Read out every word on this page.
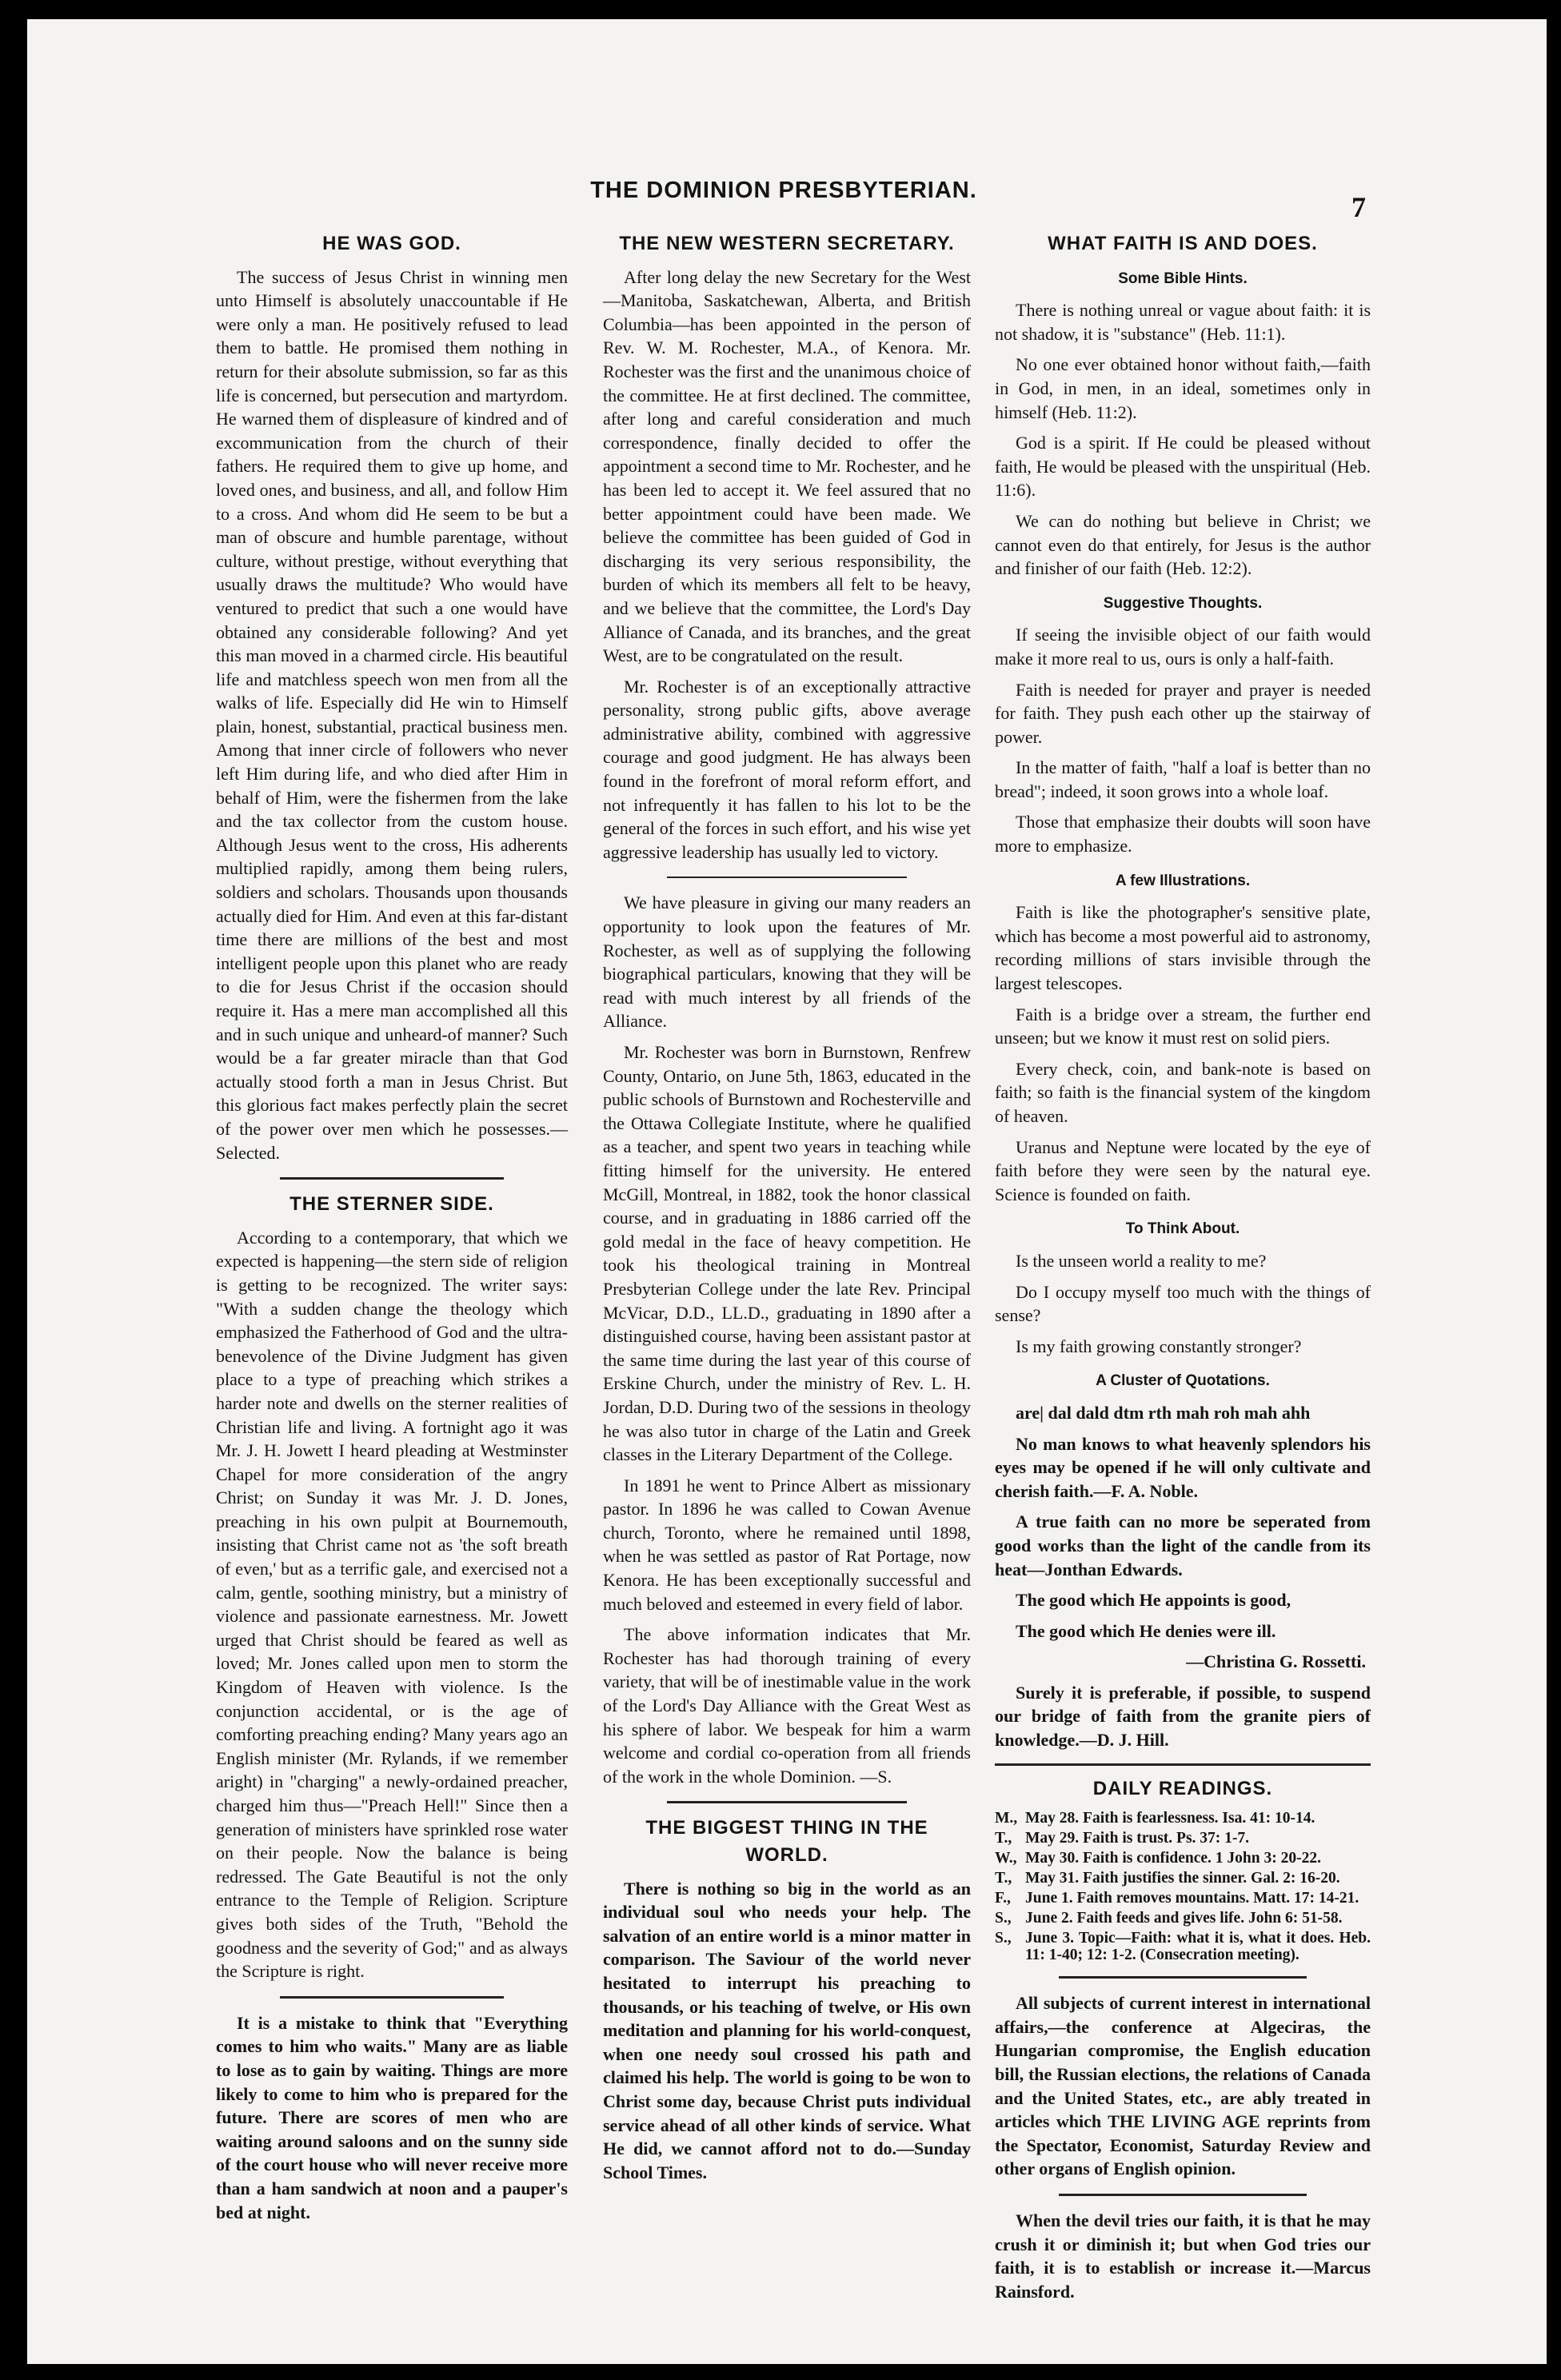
THE DOMINION PRESBYTERIAN.
7
HE WAS GOD.

The success of Jesus Christ in winning men unto Himself is absolutely unaccountable if He were only a man. He positively refused to lead them to battle. He promised them nothing in return for their absolute submission, so far as this life is concerned, but persecution and martyrdom. He warned them of displeasure of kindred and of excommunication from the church of their fathers. He required them to give up home, and loved ones, and business, and all, and follow Him to a cross. And whom did He seem to be but a man of obscure and humble parentage, without culture, without prestige, without everything that usually draws the multitude? Who would have ventured to predict that such a one would have obtained any considerable following? And yet this man moved in a charmed circle. His beautiful life and matchless speech won men from all the walks of life. Especially did He win to Himself plain, honest, substantial, practical business men. Among that inner circle of followers who never left Him during life, and who died after Him in behalf of Him, were the fishermen from the lake and the tax collector from the custom house. Although Jesus went to the cross, His adherents multiplied rapidly, among them being rulers, soldiers and scholars. Thousands upon thousands actually died for Him. And even at this far-distant time there are millions of the best and most intelligent people upon this planet who are ready to die for Jesus Christ if the occasion should require it. Has a mere man accomplished all this and in such unique and unheard-of manner? Such would be a far greater miracle than that God actually stood forth a man in Jesus Christ. But this glorious fact makes perfectly plain the secret of the power over men which he possesses.—Selected.

THE STERNER SIDE.

According to a contemporary, that which we expected is happening—the stern side of religion is getting to be recognized. The writer says: "With a sudden change the theology which emphasized the Fatherhood of God and the ultra-benevolence of the Divine Judgment has given place to a type of preaching which strikes a harder note and dwells on the sterner realities of Christian life and living. A fortnight ago it was Mr. J. H. Jowett I heard pleading at Westminster Chapel for more consideration of the angry Christ; on Sunday it was Mr. J. D. Jones, preaching in his own pulpit at Bournemouth, insisting that Christ came not as 'the soft breath of even,' but as a terrific gale, and exercised not a calm, gentle, soothing ministry, but a ministry of violence and passionate earnestness. Mr. Jowett urged that Christ should be feared as well as loved; Mr. Jones called upon men to storm the Kingdom of Heaven with violence. Is the conjunction accidental, or is the age of comforting preaching ending? Many years ago an English minister (Mr. Rylands, if we remember aright) in "charging" a newly-ordained preacher, charged him thus—"Preach Hell!" Since then a generation of ministers have sprinkled rose water on their people. Now the balance is being redressed. The Gate Beautiful is not the only entrance to the Temple of Religion. Scripture gives both sides of the Truth, "Behold the goodness and the severity of God;" and as always the Scripture is right.

It is a mistake to think that "Everything comes to him who waits." Many are as liable to lose as to gain by waiting. Things are more likely to come to him who is prepared for the future. There are scores of men who are waiting around saloons and on the sunny side of the court house who will never receive more than a ham sandwich at noon and a pauper's bed at night.

THE NEW WESTERN SECRETARY.

After long delay the new Secretary for the West—Manitoba, Saskatchewan, Alberta, and British Columbia—has been appointed in the person of Rev. W. M. Rochester, M.A., of Kenora. Mr. Rochester was the first and the unanimous choice of the committee. He at first declined. The committee, after long and careful consideration and much correspondence, finally decided to offer the appointment a second time to Mr. Rochester, and he has been led to accept it. We feel assured that no better appointment could have been made. We believe the committee has been guided of God in discharging its very serious responsibility, the burden of which its members all felt to be heavy, and we believe that the committee, the Lord's Day Alliance of Canada, and its branches, and the great West, are to be congratulated on the result.

Mr. Rochester is of an exceptionally attractive personality, strong public gifts, above average administrative ability, combined with aggressive courage and good judgment. He has always been found in the forefront of moral reform effort, and not infrequently it has fallen to his lot to be the general of the forces in such effort, and his wise yet aggressive leadership has usually led to victory.

We have pleasure in giving our many readers an opportunity to look upon the features of Mr. Rochester, as well as of supplying the following biographical particulars, knowing that they will be read with much interest by all friends of the Alliance.

Mr. Rochester was born in Burnstown, Renfrew County, Ontario, on June 5th, 1863, educated in the public schools of Burnstown and Rochesterville and the Ottawa Collegiate Institute, where he qualified as a teacher, and spent two years in teaching while fitting himself for the university. He entered McGill, Montreal, in 1882, took the honor classical course, and in graduating in 1886 carried off the gold medal in the face of heavy competition. He took his theological training in Montreal Presbyterian College under the late Rev. Principal McVicar, D.D., LL.D., graduating in 1890 after a distinguished course, having been assistant pastor at the same time during the last year of this course of Erskine Church, under the ministry of Rev. L. H. Jordan, D.D. During two of the sessions in theology he was also tutor in charge of the Latin and Greek classes in the Literary Department of the College.

In 1891 he went to Prince Albert as missionary pastor. In 1896 he was called to Cowan Avenue church, Toronto, where he remained until 1898, when he was settled as pastor of Rat Portage, now Kenora. He has been exceptionally successful and much beloved and esteemed in every field of labor.

The above information indicates that Mr. Rochester has had thorough training of every variety, that will be of inestimable value in the work of the Lord's Day Alliance with the Great West as his sphere of labor. We bespeak for him a warm welcome and cordial co-operation from all friends of the work in the whole Dominion. —S.

THE BIGGEST THING IN THE
WORLD.

There is nothing so big in the world as an individual soul who needs your help. The salvation of an entire world is a minor matter in comparison. The Saviour of the world never hesitated to interrupt his preaching to thousands, or his teaching of twelve, or His own meditation and planning for his world-conquest, when one needy soul crossed his path and claimed his help. The world is going to be won to Christ some day, because Christ puts individual service ahead of all other kinds of service. What He did, we cannot afford not to do.—Sunday School Times.

WHAT FAITH IS AND DOES.
Some Bible Hints.

There is nothing unreal or vague about faith: it is not shadow, it is "substance" (Heb. 11:1).

No one ever obtained honor without faith,—faith in God, in men, in an ideal, sometimes only in himself (Heb. 11:2).

God is a spirit. If He could be pleased without faith, He would be pleased with the unspiritual (Heb. 11:6).

We can do nothing but believe in Christ; we cannot even do that entirely, for Jesus is the author and finisher of our faith (Heb. 12:2).

Suggestive Thoughts.

If seeing the invisible object of our faith would make it more real to us, ours is only a half-faith.

Faith is needed for prayer and prayer is needed for faith. They push each other up the stairway of power.

In the matter of faith, "half a loaf is better than no bread"; indeed, it soon grows into a whole loaf.

Those that emphasize their doubts will soon have more to emphasize.

A few Illustrations.

Faith is like the photographer's sensitive plate, which has become a most powerful aid to astronomy, recording millions of stars invisible through the largest telescopes.

Faith is a bridge over a stream, the further end unseen; but we know it must rest on solid piers.

Every check, coin, and bank-note is based on faith; so faith is the financial system of the kingdom of heaven.

Uranus and Neptune were located by the eye of faith before they were seen by the natural eye. Science is founded on faith.

To Think About.

Is the unseen world a reality to me?

Do I occupy myself too much with the things of sense?

Is my faith growing constantly stronger?

A Cluster of Quotations.

are| dal dald dtm rth mah roh mah ahh

No man knows to what heavenly splendors his eyes may be opened if he will only cultivate and cherish faith.—F. A. Noble.

A true faith can no more be seperated from good works than the light of the candle from its heat—Jonthan Edwards.

The good which He appoints is good,

The good which He denies were ill.

—Christina G. Rossetti.

Surely it is preferable, if possible, to suspend our bridge of faith from the granite piers of knowledge.—D. J. Hill.

DAILY READINGS.
M., May 28. Faith is fearlessness. Isa. 41: 10-14.
T., May 29. Faith is trust. Ps. 37: 1-7.
W., May 30. Faith is confidence. 1 John 3: 20-22.
T., May 31. Faith justifies the sinner. Gal. 2: 16-20.
F., June 1. Faith removes mountains. Matt. 17: 14-21.
S., June 2. Faith feeds and gives life. John 6: 51-58.
S., June 3. Topic—Faith: what it is, what it does. Heb. 11: 1-40; 12: 1-2. (Consecration meeting).

All subjects of current interest in international affairs,—the conference at Algeciras, the Hungarian compromise, the English education bill, the Russian elections, the relations of Canada and the United States, etc., are ably treated in articles which THE LIVING AGE reprints from the Spectator, Economist, Saturday Review and other organs of English opinion.

When the devil tries our faith, it is that he may crush it or diminish it; but when God tries our faith, it is to establish or increase it.—Marcus Rainsford.
